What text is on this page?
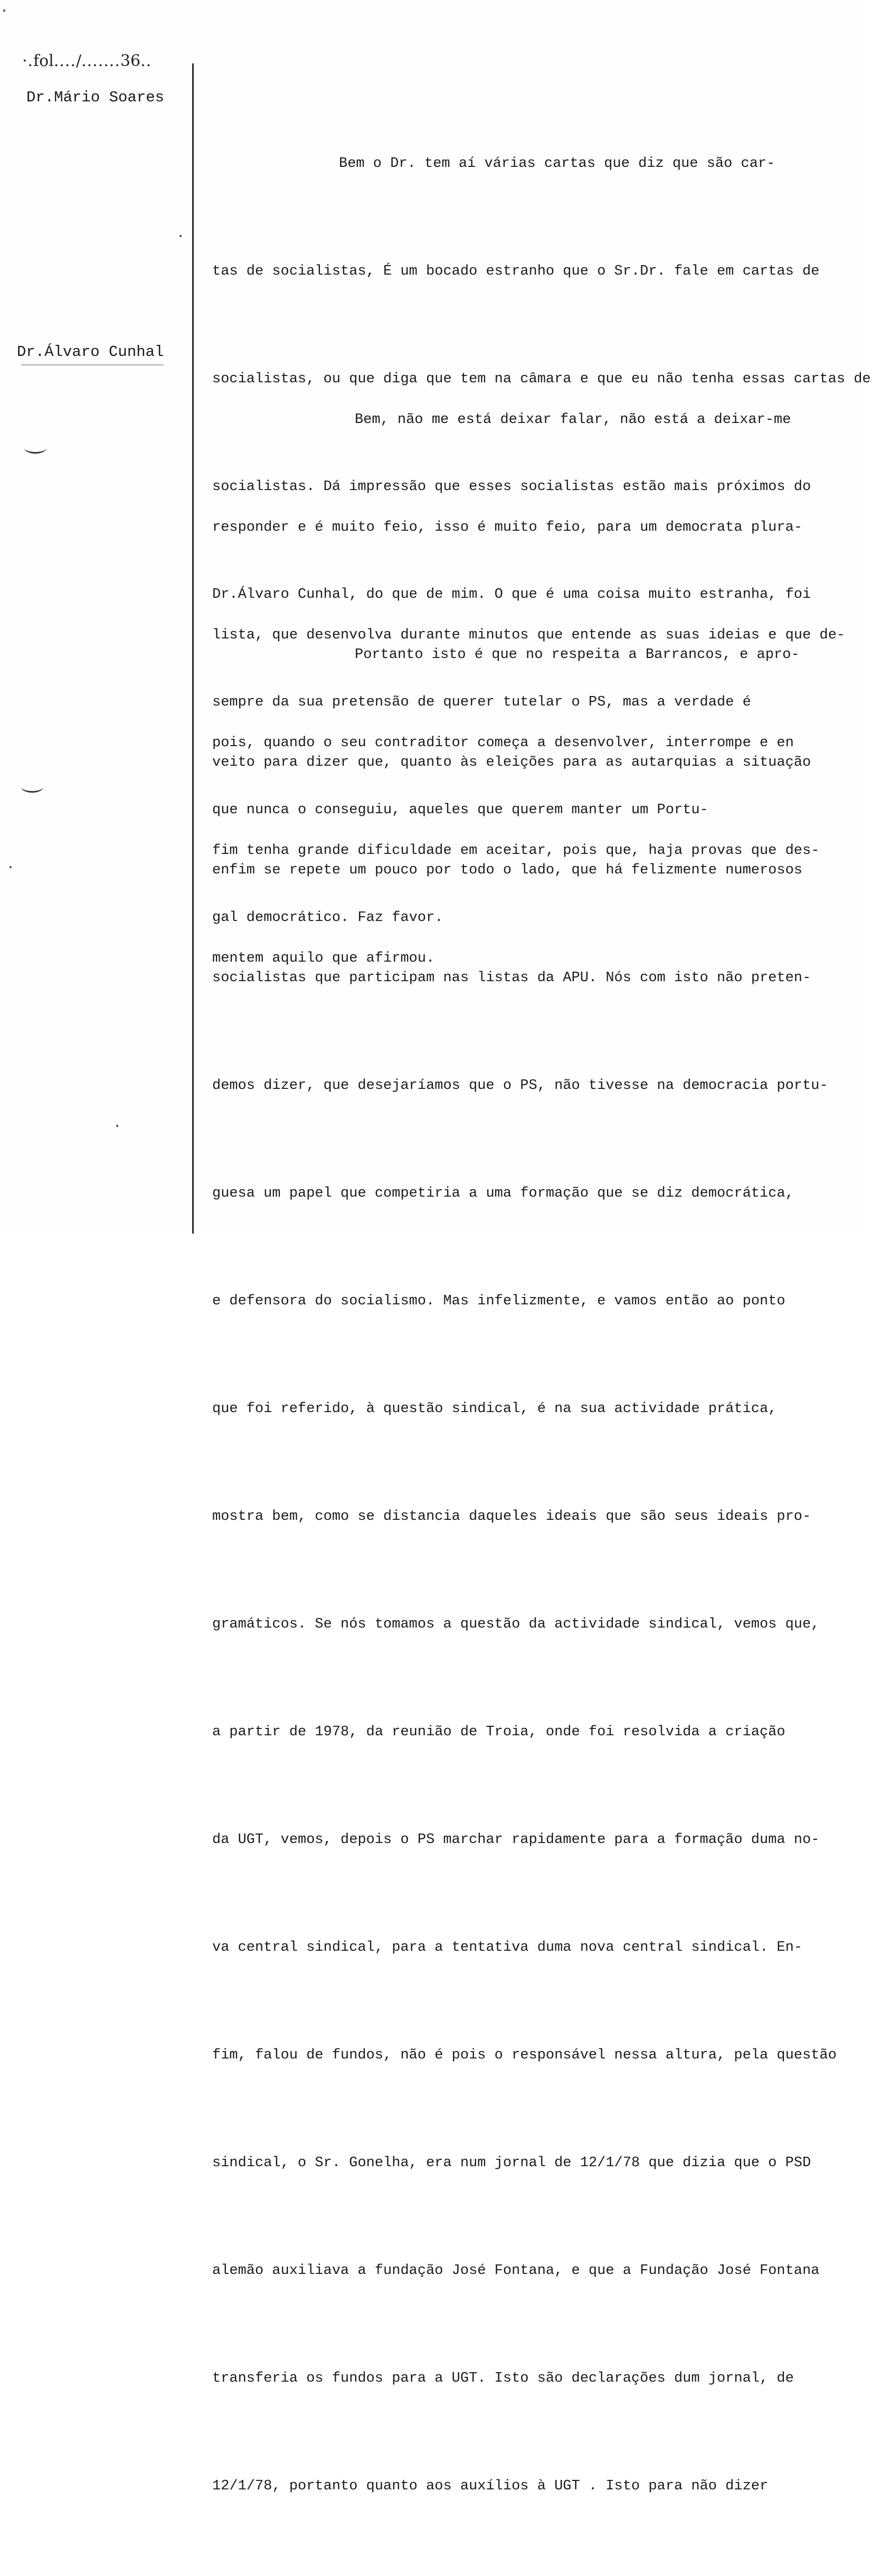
·.fol..../.......36..
Dr.Mário Soares
Dr.Álvaro Cunhal

Bem o Dr. tem aí várias cartas que diz que são car-

tas de socialistas, É um bocado estranho que o Sr.Dr. fale em cartas de

socialistas, ou que diga que tem na câmara e que eu não tenha essas cartas de

socialistas. Dá impressão que esses socialistas estão mais próximos do

Dr.Álvaro Cunhal, do que de mim. O que é uma coisa muito estranha, foi

sempre da sua pretensão de querer tutelar o PS, mas a verdade é

que nunca o conseguiu, aqueles que querem manter um Portu-

gal democrático. Faz favor.

Bem, não me está deixar falar, não está a deixar-me

responder e é muito feio, isso é muito feio, para um democrata plura-

lista, que desenvolva durante minutos que entende as suas ideias e que de-

pois, quando o seu contraditor começa a desenvolver, interrompe e en

fim tenha grande dificuldade em aceitar, pois que, haja provas que des-

mentem aquilo que afirmou.

Portanto isto é que no respeita a Barrancos, e apro-

veito para dizer que, quanto às eleições para as autarquias a situação

enfim se repete um pouco por todo o lado, que há felizmente numerosos

socialistas que participam nas listas da APU. Nós com isto não preten-

demos dizer, que desejaríamos que o PS, não tivesse na democracia portu-

guesa um papel que competiria a uma formação que se diz democrática,

e defensora do socialismo. Mas infelizmente, e vamos então ao ponto

que foi referido, à questão sindical, é na sua actividade prática,

mostra bem, como se distancia daqueles ideais que são seus ideais pro-

gramáticos. Se nós tomamos a questão da actividade sindical, vemos que,

a partir de 1978, da reunião de Troia, onde foi resolvida a criação

da UGT, vemos, depois o PS marchar rapidamente para a formação duma no-

va central sindical, para a tentativa duma nova central sindical. En-

fim, falou de fundos, não é pois o responsável nessa altura, pela questão

sindical, o Sr. Gonelha, era num jornal de 12/1/78 que dizia que o PSD

alemão auxiliava a fundação José Fontana, e que a Fundação José Fontana

transferia os fundos para a UGT. Isto são declarações dum jornal, de

12/1/78, portanto quanto aos auxílios à UGT . Isto para não dizer
